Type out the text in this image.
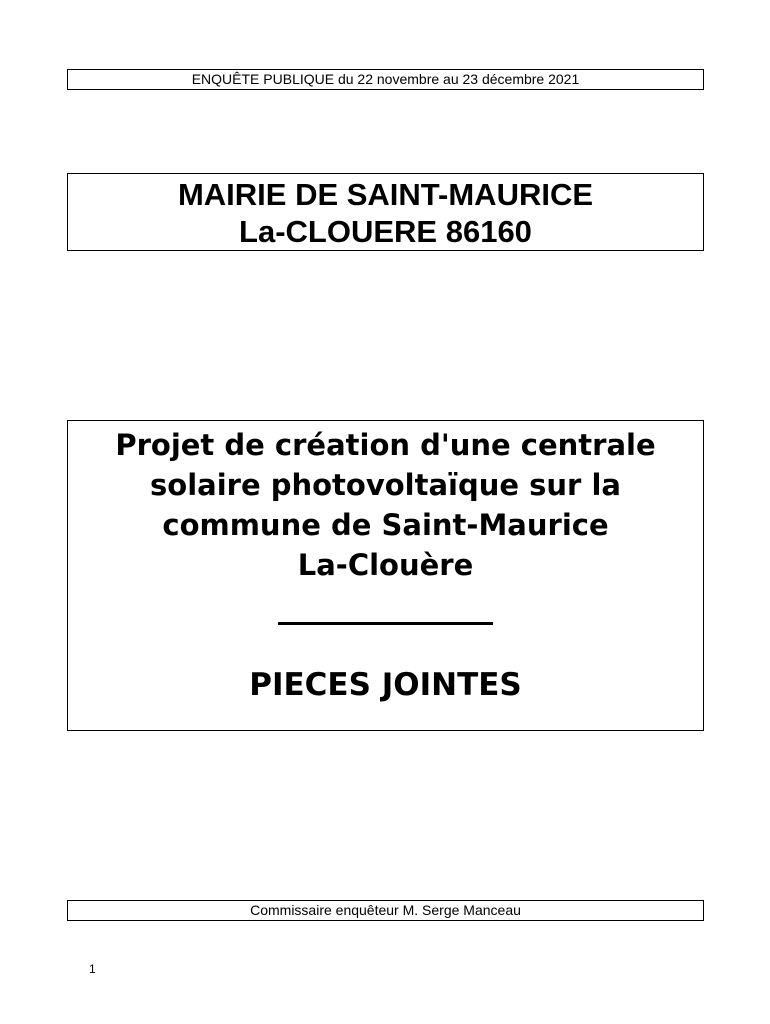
ENQUÊTE PUBLIQUE du 22 novembre au 23 décembre 2021
MAIRIE DE SAINT-MAURICE
La-CLOUERE 86160
Projet de création d'une centrale
solaire photovoltaïque sur la
commune de Saint-Maurice
La-Clouère
PIECES JOINTES
Commissaire enquêteur M. Serge Manceau
1
